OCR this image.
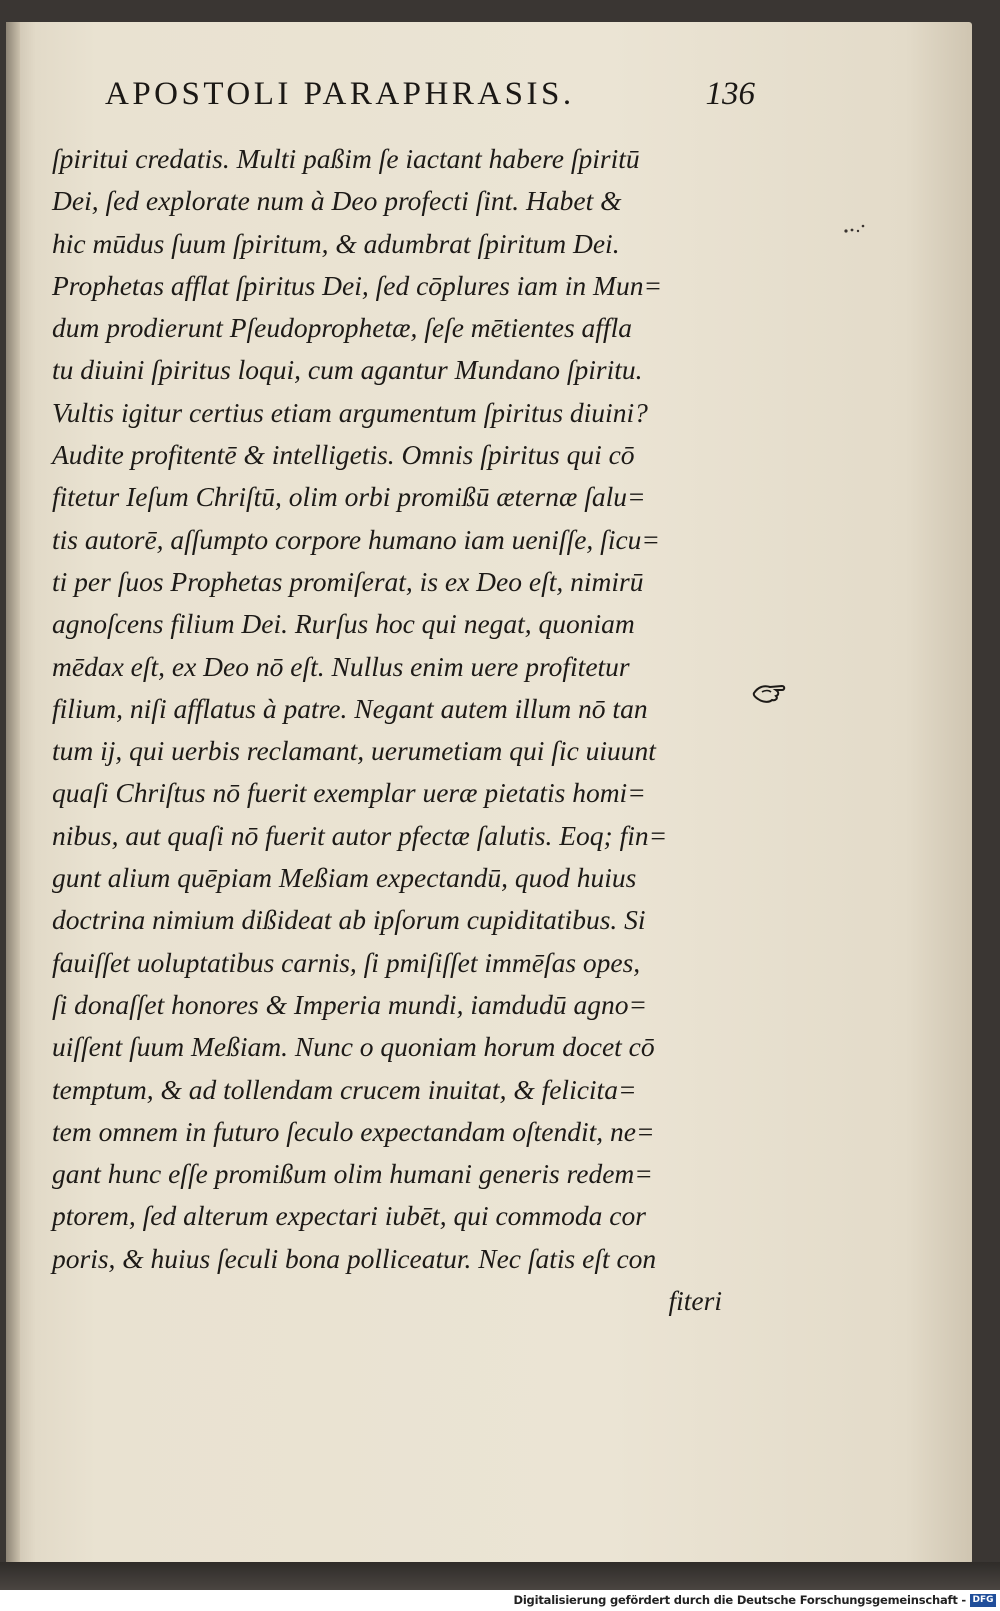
APOSTOLI PARAPHRASIS.	136
ſpiritui credatis. Multi paßim ſe iactant habere ſpiritū
Dei, ſed explorate num à Deo profecti ſint. Habet &
hic mūdus ſuum ſpiritum, & adumbrat ſpiritum Dei.
Prophetas afflat ſpiritus Dei, ſed cōplures iam in Mun=
dum prodierunt Pſeudoprophetæ, ſeſe mētientes affla
tu diuini ſpiritus loqui, cum agantur Mundano ſpiritu.
Vultis igitur certius etiam argumentum ſpiritus diuini?
Audite profitentē & intelligetis. Omnis ſpiritus qui cō
fitetur Ieſum Chriſtū, olim orbi promißū æternæ ſalu=
tis autorē, aſſumpto corpore humano iam ueniſſe, ſicu=
ti per ſuos Prophetas promiſerat, is ex Deo eſt, nimirū
agnoſcens filium Dei. Rurſus hoc qui negat, quoniam
mēdax eſt, ex Deo nō eſt. Nullus enim uere profitetur
filium, niſi afflatus à patre. Negant autem illum nō tan
tum ij, qui uerbis reclamant, uerumetiam qui ſic uiuunt
quaſi Chriſtus nō fuerit exemplar ueræ pietatis homi=
nibus, aut quaſi nō fuerit autor pfectæ ſalutis. Eoq; fin=
gunt alium quēpiam Meßiam expectandū, quod huius
doctrina nimium dißideat ab ipſorum cupiditatibus. Si
fauiſſet uoluptatibus carnis, ſi pmiſiſſet immēſas opes,
ſi donaſſet honores & Imperia mundi, iamdudū agno=
uiſſent ſuum Meßiam. Nunc o quoniam horum docet cō
temptum, & ad tollendam crucem inuitat, & felicita=
tem omnem in futuro ſeculo expectandam oſtendit, ne=
gant hunc eſſe promißum olim humani generis redem=
ptorem, ſed alterum expectari iubēt, qui commoda cor
poris, & huius ſeculi bona polliceatur. Nec ſatis eſt con
fiteri
Digitalisierung gefördert durch die Deutsche Forschungsgemeinschaft - DFG
